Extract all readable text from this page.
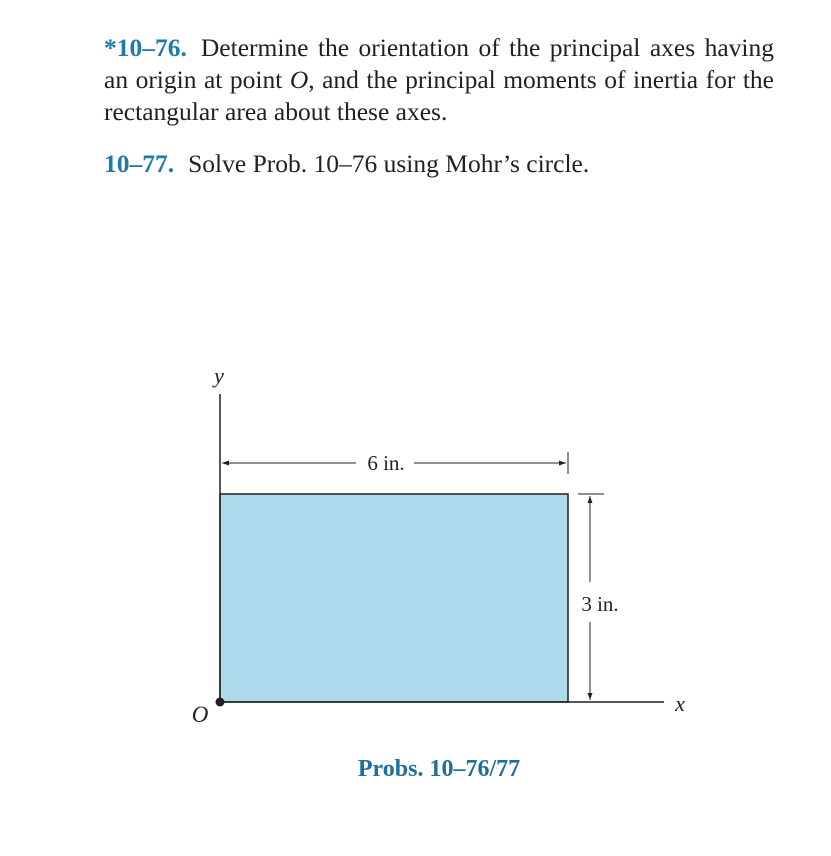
*10–76. Determine the orientation of the principal axes having an origin at point O, and the principal moments of inertia for the rectangular area about these axes.

10–77. Solve Prob. 10–76 using Mohr’s circle.

6 in.
3 in.
y
x
O
Probs. 10–76/77
